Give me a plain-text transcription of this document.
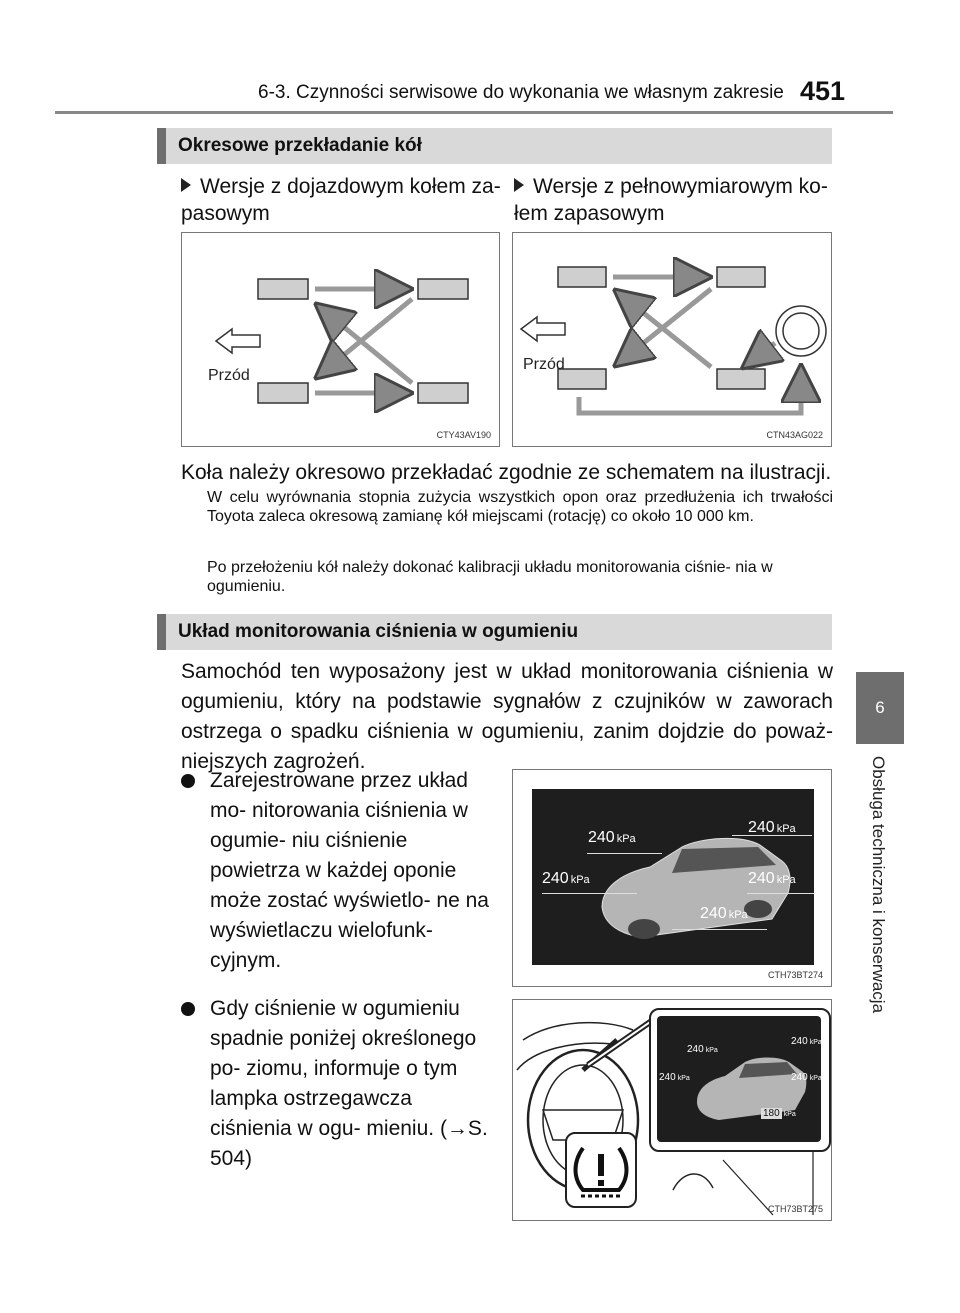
6-3. Czynności serwisowe do wykonania we własnym zakresie 451
6
Obsługa techniczna i konserwacja
Okresowe przekładanie kół
Wersje z dojazdowym kołem za- pasowym
Wersje z pełnowymiarowym ko- łem zapasowym
Przód
CTY43AV190
Przód
CTN43AG022
Koła należy okresowo przekładać zgodnie ze schematem na ilustracji.
W celu wyrównania stopnia zużycia wszystkich opon oraz przedłużenia ich trwałości Toyota zaleca okresową zamianę kół miejscami (rotację) co około 10 000 km.
Po przełożeniu kół należy dokonać kalibracji układu monitorowania ciśnie- nia w ogumieniu.
Układ monitorowania ciśnienia w ogumieniu
Samochód ten wyposażony jest w układ monitorowania ciśnienia w ogumieniu, który na podstawie sygnałów z czujników w zaworach ostrzega o spadku ciśnienia w ogumieniu, zanim dojdzie do poważ- niejszych zagrożeń.
Zarejestrowane przez układ mo- nitorowania ciśnienia w ogumie- niu ciśnienie powietrza w każdej oponie może zostać wyświetlo- ne na wyświetlaczu wielofunk- cyjnym.
Gdy ciśnienie w ogumieniu spadnie poniżej określonego po- ziomu, informuje o tym lampka ostrzegawcza ciśnienia w ogu- mieniu. (→S. 504)
240 kPa
240 kPa
240 kPa	240 kPa
240 kPa
CTH73BT274
240 kPa
240 kPa
240 kPa	240 kPa
180 kPa
CTH73BT275
